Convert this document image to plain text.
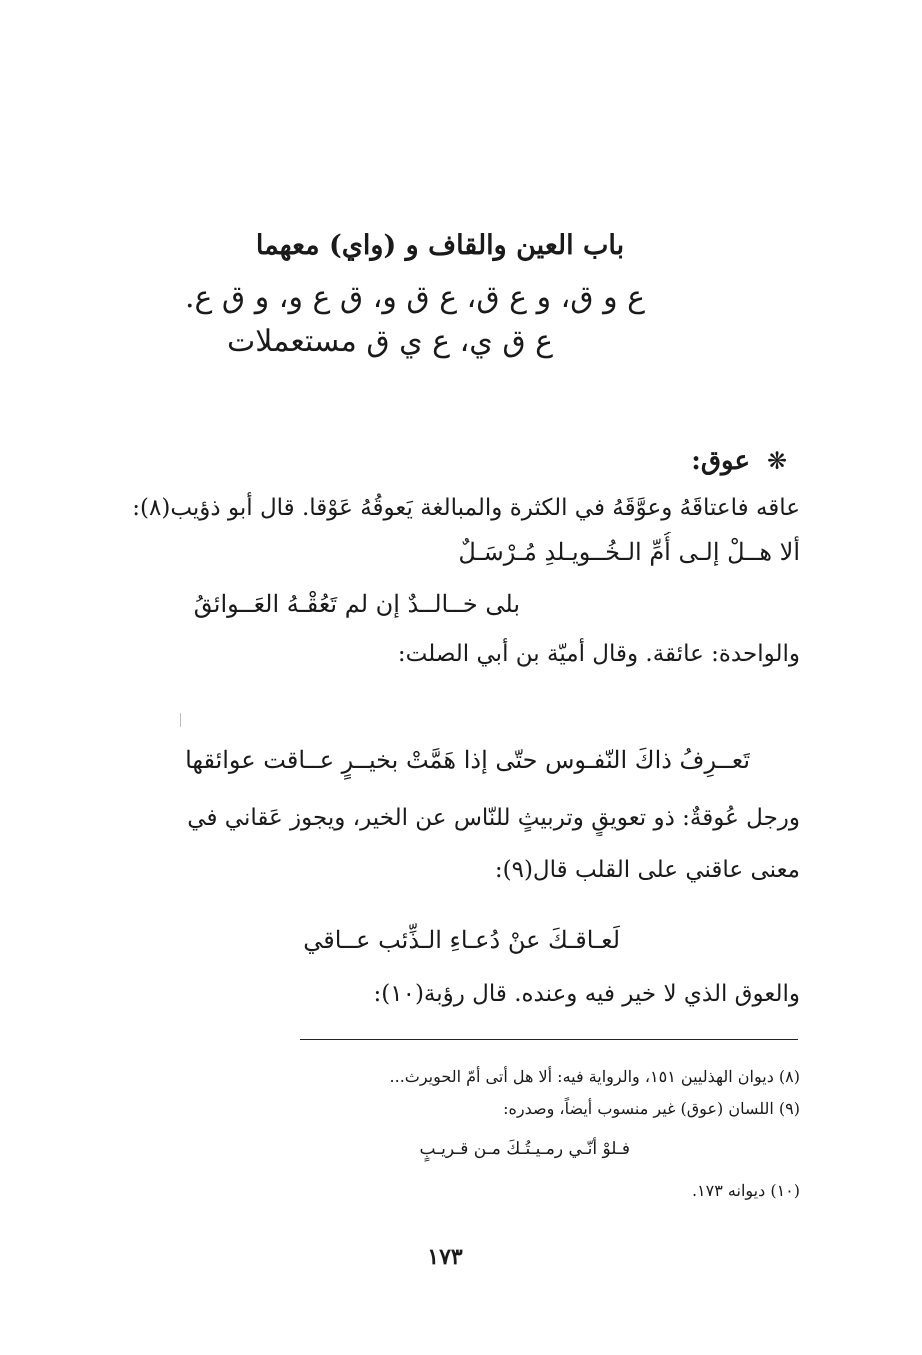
باب العين والقاف و (واي) معهما
ع و ق، و ع ق، ع ق و، ق ع و، و ق ع.
ع ق ي، ع ي ق مستعملات
❋
عوق:
عاقه فاعتاقَهُ وعوَّقَهُ في الكثرة والمبالغة يَعوقُهُ عَوْقا. قال أبو ذؤيب(٨):
ألا هــلْ إلـى أُمِّ الـخُــويـلدِ مُـرْسَـلٌ
بلى خــالــدٌ إن لم تَعُقْـهُ العَــوائقُ
والواحدة: عائقة. وقال أميّة بن أبي الصلت:
تَعــرِفُ ذاكَ النّفـوس حتّى إذا هَمَّتْ بخيــرٍ عــاقت عوائقها
ورجل عُوقةٌ: ذو تعويقٍ وتربيثٍ للنّاس عن الخير، ويجوز عَقاني في
معنى عاقني على القلب قال(٩):
لَعـاقـكَ عنْ دُعـاءِ الـذِّئب عــاقي
والعوق الذي لا خير فيه وعنده. قال رؤبة(١٠):
(٨) ديوان الهذليين ١٥١، والرواية فيه: ألا هل أتى أمّ الحويرث...
(٩) اللسان (عوق) غير منسوب أيضاً، وصدره:
فـلوْ أنّـي رمـيـتُـكَ مـن قـريـبٍ
(١٠) ديوانه ١٧٣.
١٧٣
